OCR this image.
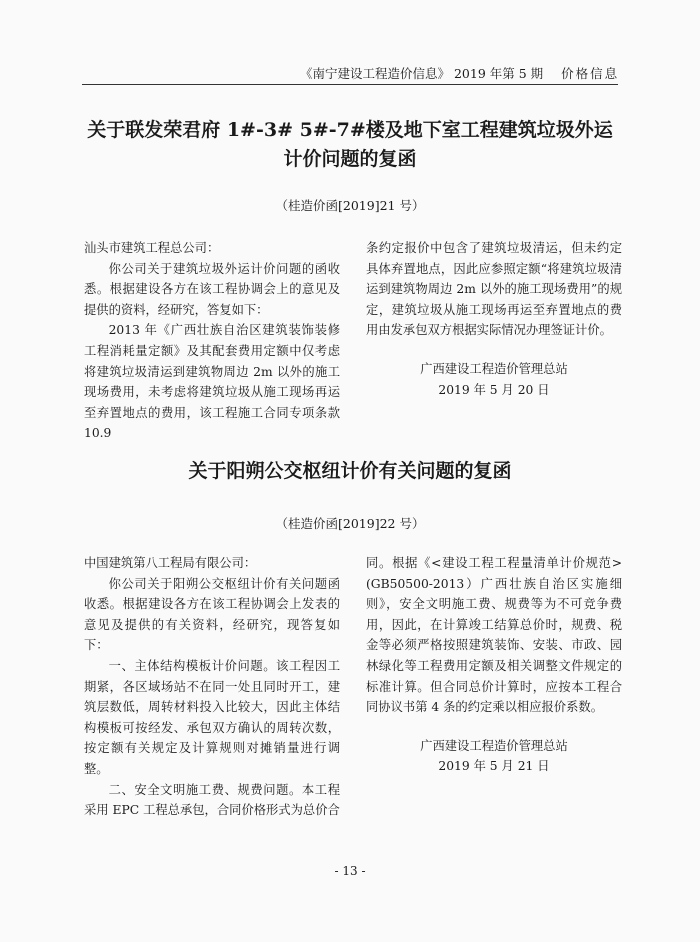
《南宁建设工程造价信息》 2019 年第 5 期 价格信息
关于联发荣君府 1#-3# 5#-7#楼及地下室工程建筑垃圾外运
计价问题的复函

（桂造价函[2019]21 号）

汕头市建筑工程总公司：

你公司关于建筑垃圾外运计价问题的函收悉。根据建设各方在该工程协调会上的意见及提供的资料，经研究，答复如下：

2013 年《广西壮族自治区建筑装饰装修工程消耗量定额》及其配套费用定额中仅考虑将建筑垃圾清运到建筑物周边 2m 以外的施工现场费用，未考虑将建筑垃圾从施工现场再运至弃置地点的费用，该工程施工合同专项条款 10.9

条约定报价中包含了建筑垃圾清运，但未约定具体弃置地点，因此应参照定额“将建筑垃圾清运到建筑物周边 2m 以外的施工现场费用”的规定，建筑垃圾从施工现场再运至弃置地点的费用由发承包双方根据实际情况办理签证计价。

广西建设工程造价管理总站

2019 年 5 月 20 日

关于阳朔公交枢纽计价有关问题的复函

（桂造价函[2019]22 号）

中国建筑第八工程局有限公司：

你公司关于阳朔公交枢纽计价有关问题函收悉。根据建设各方在该工程协调会上发表的意见及提供的有关资料，经研究，现答复如下：

一、主体结构模板计价问题。该工程因工期紧，各区域场站不在同一处且同时开工，建筑层数低，周转材料投入比较大，因此主体结构模板可按经发、承包双方确认的周转次数，按定额有关规定及计算规则对摊销量进行调整。

二、安全文明施工费、规费问题。本工程采用 EPC 工程总承包，合同价格形式为总价合

同。根据《<建设工程工程量清单计价规范>(GB50500-2013）广西壮族自治区实施细则》，安全文明施工费、规费等为不可竞争费用，因此，在计算竣工结算总价时，规费、税金等必须严格按照建筑装饰、安装、市政、园林绿化等工程费用定额及相关调整文件规定的标准计算。但合同总价计算时，应按本工程合同协议书第 4 条的约定乘以相应报价系数。

广西建设工程造价管理总站

2019 年 5 月 21 日

- 13 -
